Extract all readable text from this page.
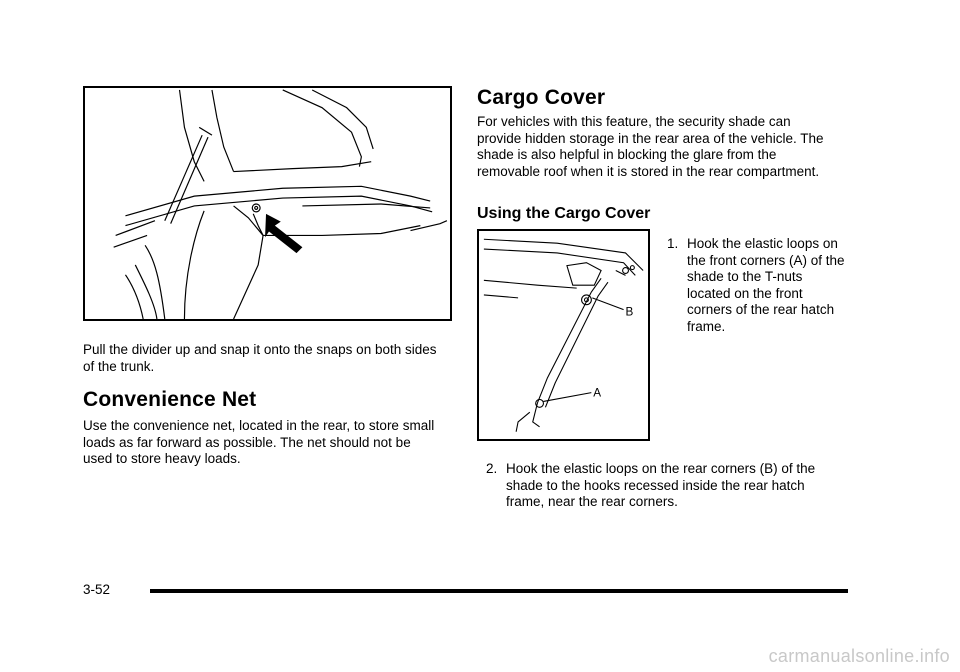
Pull the divider up and snap it onto the snaps on both sides of the trunk.

Convenience Net

Use the convenience net, located in the rear, to store small loads as far forward as possible. The net should not be used to store heavy loads.

Cargo Cover

For vehicles with this feature, the security shade can provide hidden storage in the rear area of the vehicle. The shade is also helpful in blocking the glare from the removable roof when it is stored in the rear compartment.

Using the Cargo Cover
B
A
1. Hook the elastic loops on the front corners (A) of the shade to the T-nuts located on the front corners of the rear hatch frame.
2. Hook the elastic loops on the rear corners (B) of the shade to the hooks recessed inside the rear hatch frame, near the rear corners.
3-52
carmanualsonline.info
